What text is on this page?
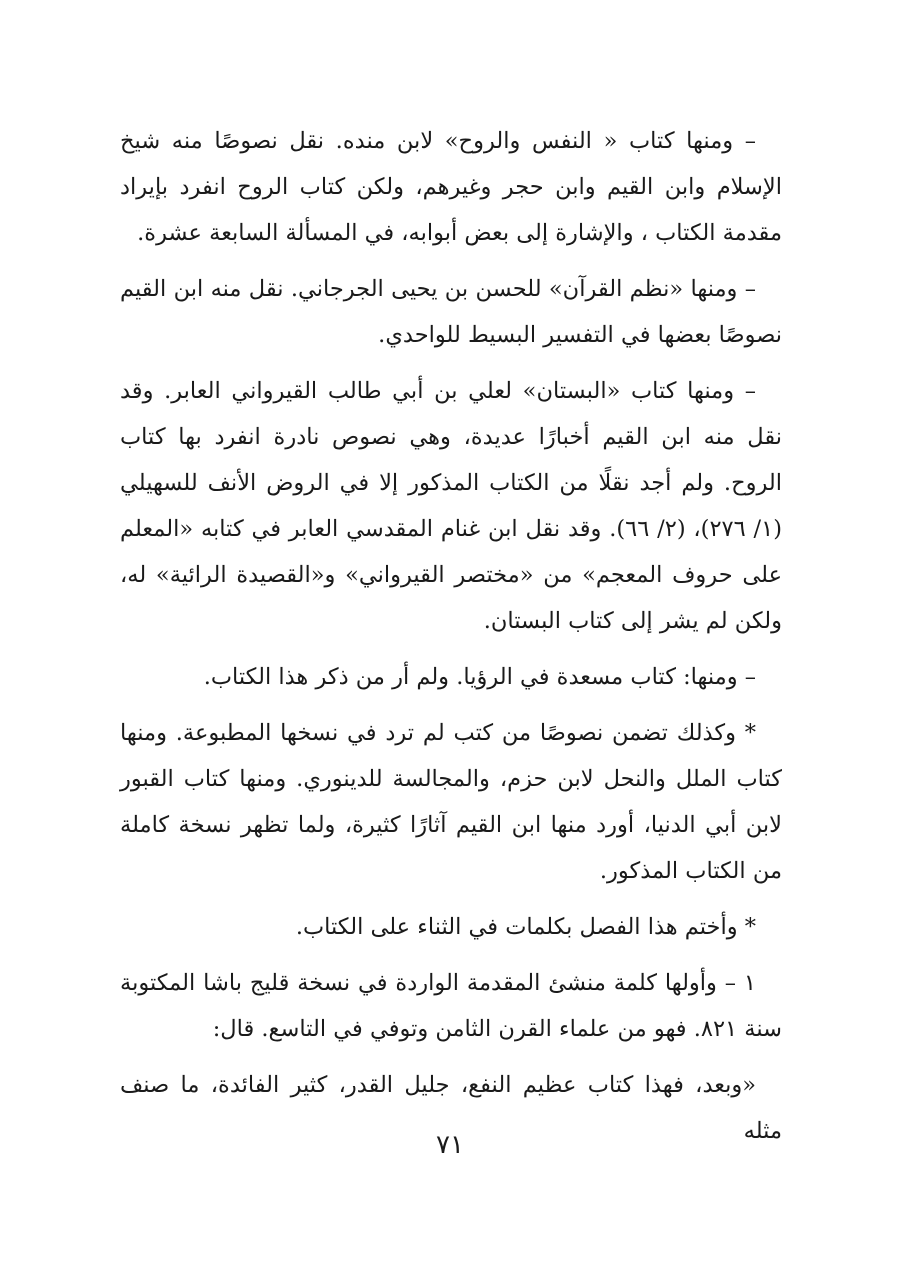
– ومنها كتاب « النفس والروح» لابن منده. نقل نصوصًا منه شيخ الإسلام وابن القيم وابن حجر وغيرهم، ولكن كتاب الروح انفرد بإيراد مقدمة الكتاب ، والإشارة إلى بعض أبوابه، في المسألة السابعة عشرة.

– ومنها «نظم القرآن» للحسن بن يحيى الجرجاني. نقل منه ابن القيم نصوصًا بعضها في التفسير البسيط للواحدي.

– ومنها كتاب «البستان» لعلي بن أبي طالب القيرواني العابر. وقد نقل منه ابن القيم أخبارًا عديدة، وهي نصوص نادرة انفرد بها كتاب الروح. ولم أجد نقلًا من الكتاب المذكور إلا في الروض الأنف للسهيلي (١/ ٢٧٦)، (٢/ ٦٦). وقد نقل ابن غنام المقدسي العابر في كتابه «المعلم على حروف المعجم» من «مختصر القيرواني» و«القصيدة الرائية» له، ولكن لم يشر إلى كتاب البستان.

– ومنها: كتاب مسعدة في الرؤيا. ولم أر من ذكر هذا الكتاب.

* وكذلك تضمن نصوصًا من كتب لم ترد في نسخها المطبوعة. ومنها كتاب الملل والنحل لابن حزم، والمجالسة للدينوري. ومنها كتاب القبور لابن أبي الدنيا، أورد منها ابن القيم آثارًا كثيرة، ولما تظهر نسخة كاملة من الكتاب المذكور.

* وأختم هذا الفصل بكلمات في الثناء على الكتاب.

١ – وأولها كلمة منشئ المقدمة الواردة في نسخة قليج باشا المكتوبة سنة ٨٢١. فهو من علماء القرن الثامن وتوفي في التاسع. قال:

«وبعد، فهذا كتاب عظيم النفع، جليل القدر، كثير الفائدة، ما صنف مثله

٧١
